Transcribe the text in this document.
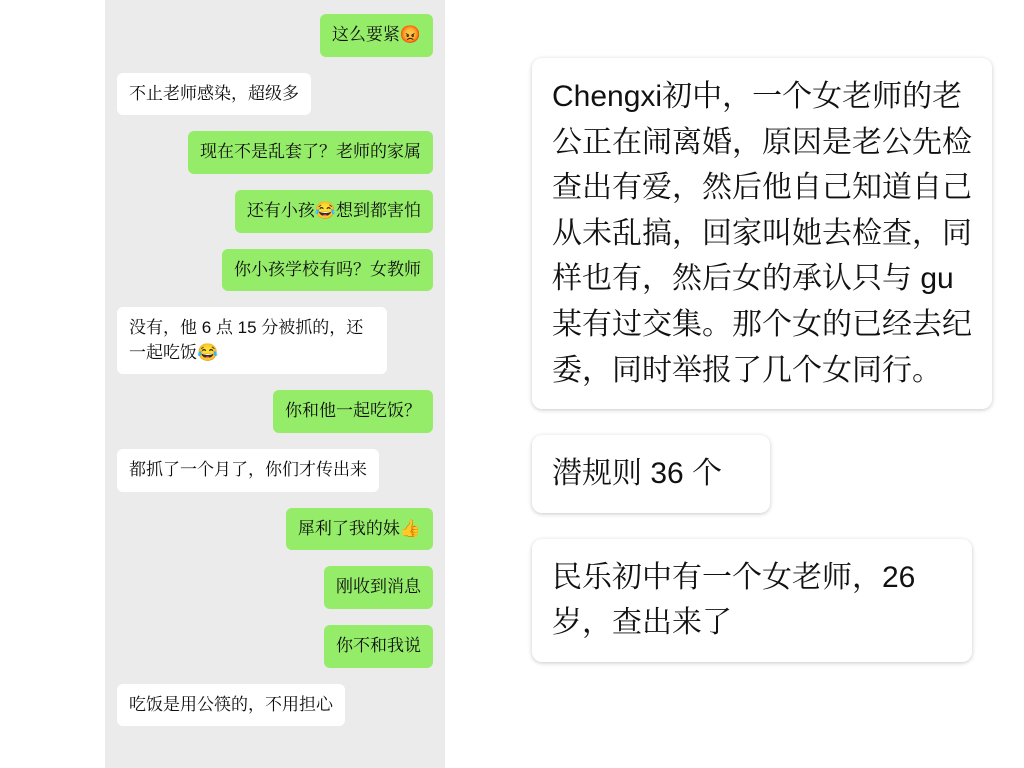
这么要紧😡
不止老师感染，超级多
现在不是乱套了？老师的家属
还有小孩😂想到都害怕
你小孩学校有吗？女教师
没有，他 6 点 15 分被抓的，还一起吃饭😂
你和他一起吃饭？
都抓了一个月了，你们才传出来
犀利了我的妹👍
刚收到消息
你不和我说
吃饭是用公筷的，不用担心
Chengxi初中，一个女老师的老公正在闹离婚，原因是老公先检查出有爱，然后他自己知道自己从未乱搞，回家叫她去检查，同样也有，然后女的承认只与 gu 某有过交集。那个女的已经去纪委，同时举报了几个女同行。
潜规则 36 个
民乐初中有一个女老师，26岁，查出来了
